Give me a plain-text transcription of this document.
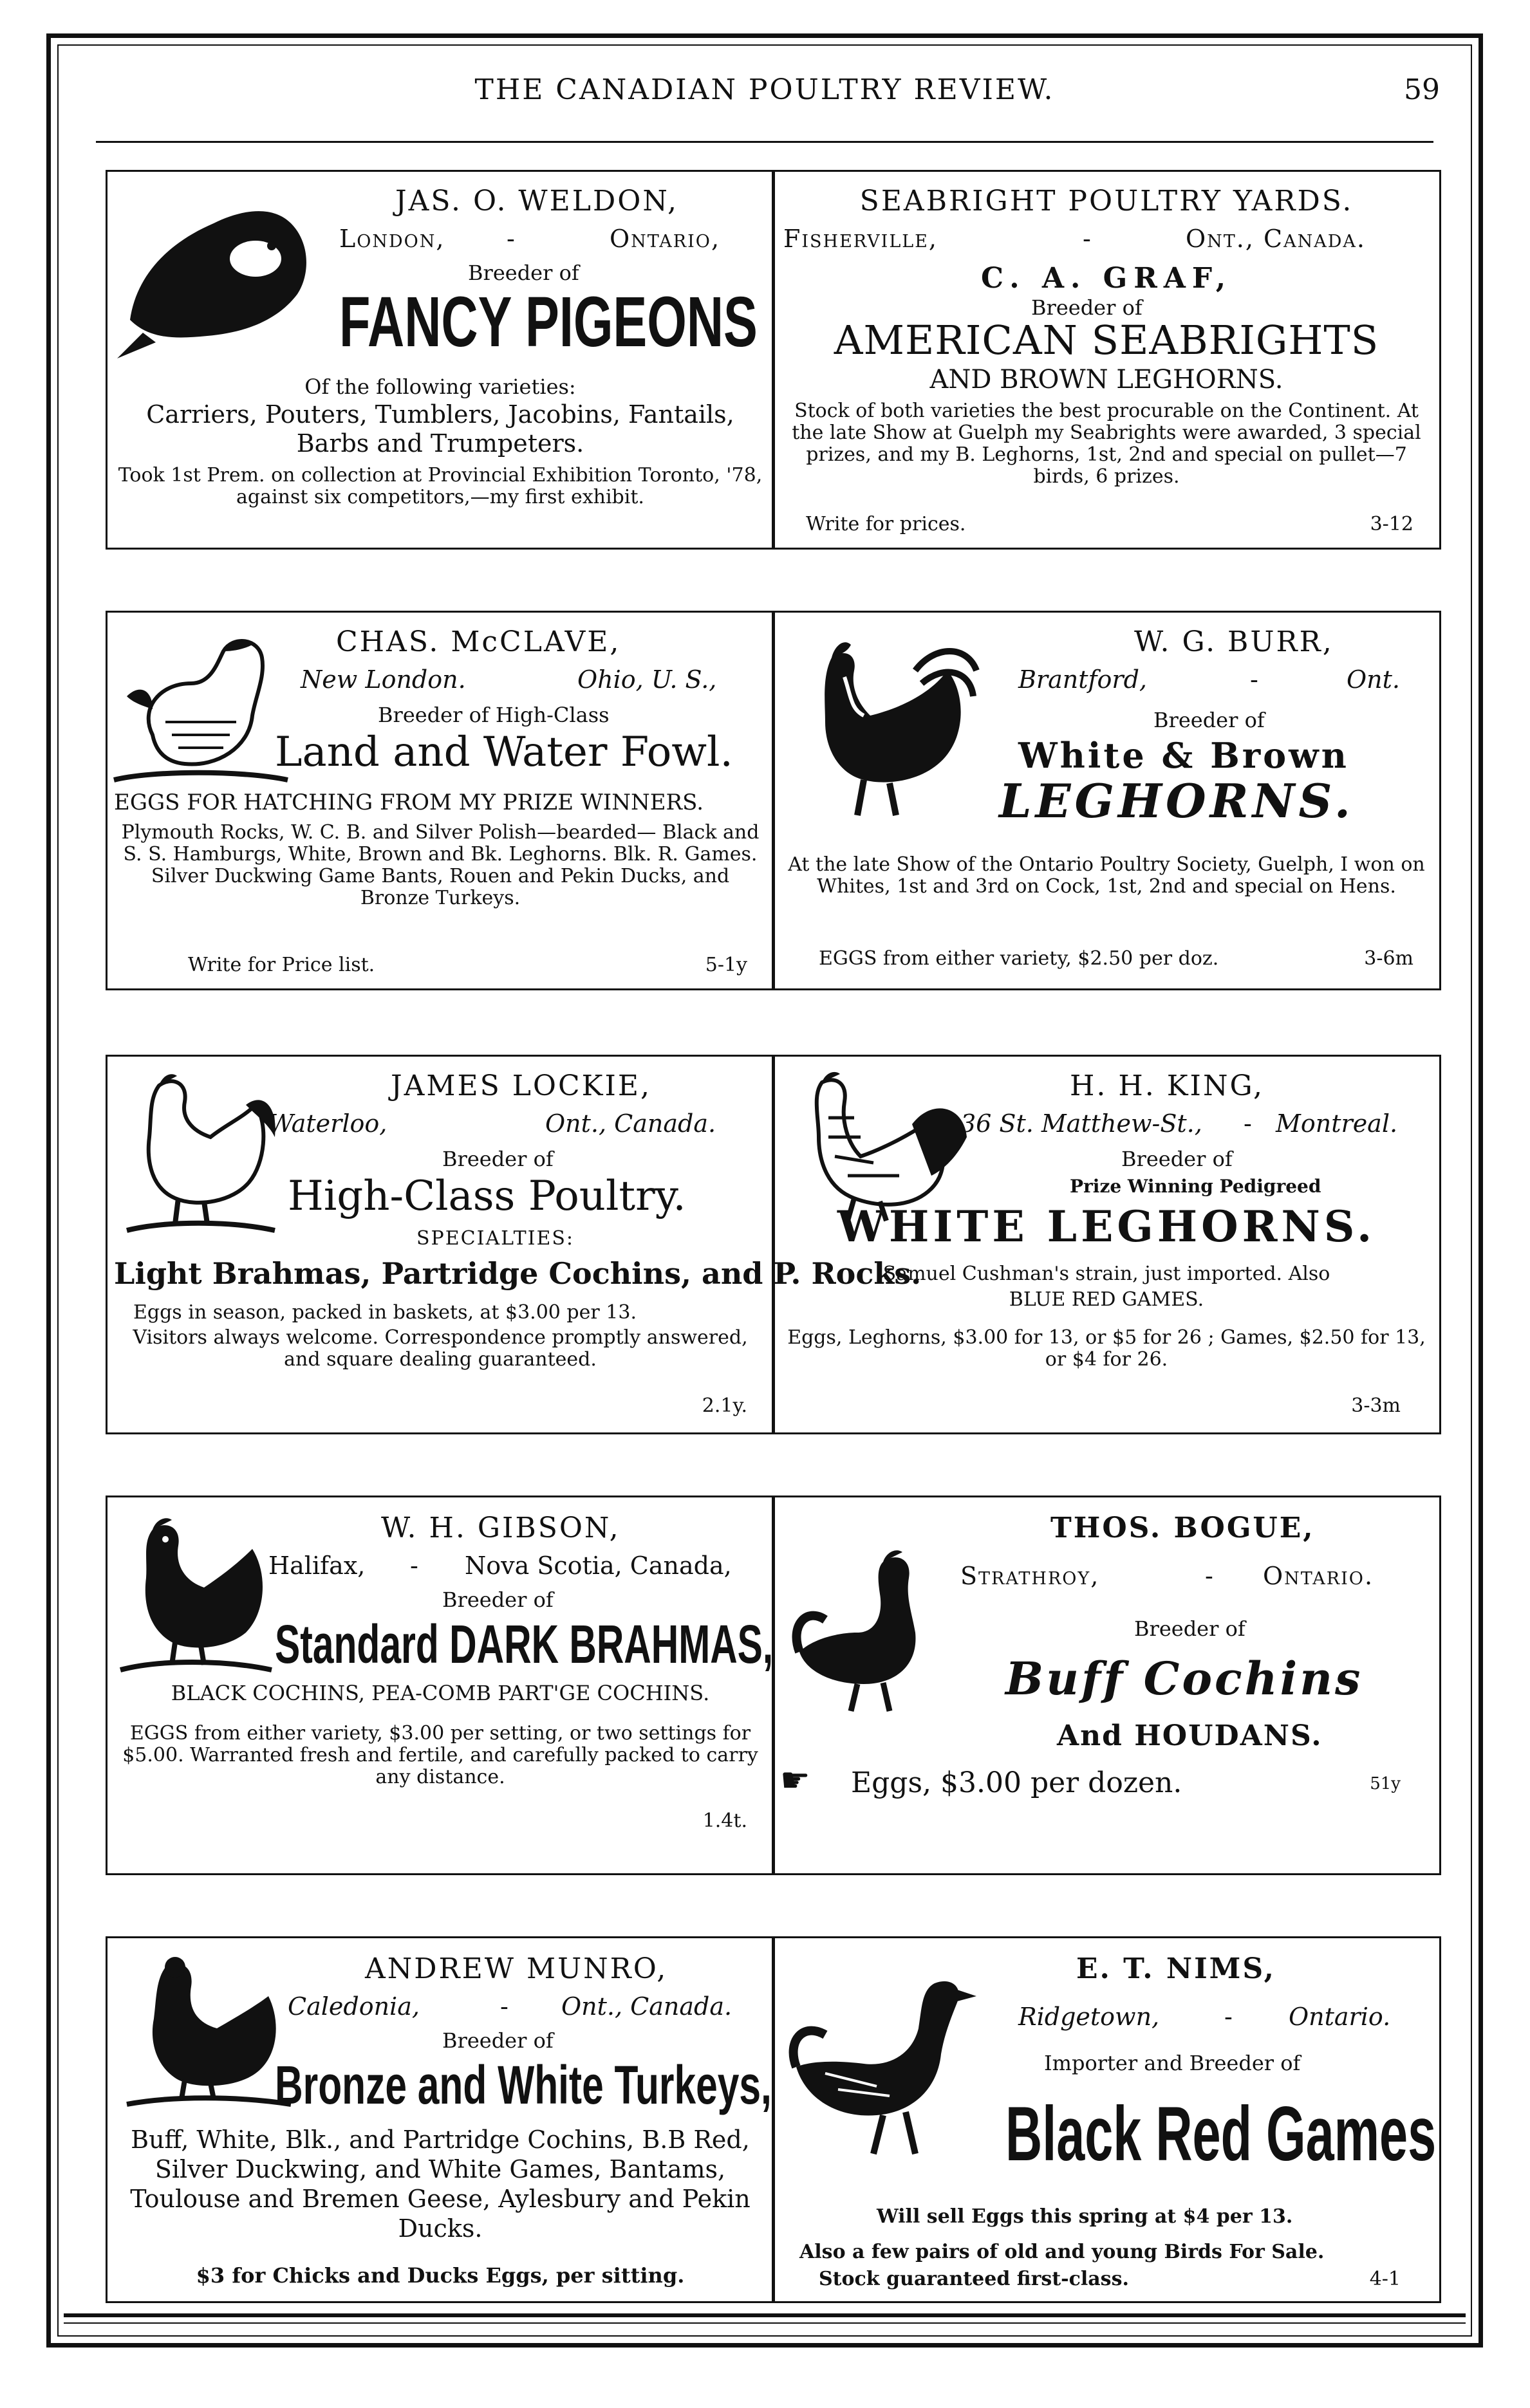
THE CANADIAN POULTRY REVIEW.	59
JAS. O. WELDON,
London,	-	Ontario,
Breeder of
FANCY PIGEONS
Of the following varieties:
Carriers, Pouters, Tumblers, Jacobins, Fantails,
Barbs and Trumpeters.
Took 1st Prem. on collection at Provincial Exhibition Toronto, '78, against six competitors,—my first exhibit.
SEABRIGHT POULTRY YARDS.
Fisherville,	-	Ont., Canada.
C. A. GRAF,
Breeder of
AMERICAN SEABRIGHTS
AND BROWN LEGHORNS.
Stock of both varieties the best procurable on the Continent. At the late Show at Guelph my Seabrights were awarded, 3 special prizes, and my B. Leghorns, 1st, 2nd and special on pullet—7 birds, 6 prizes.
Write for prices.	3-12
CHAS. McCLAVE,
New London.	Ohio, U. S.,
Breeder of High-Class
Land and Water Fowl.
EGGS FOR HATCHING FROM MY PRIZE WINNERS.
Plymouth Rocks, W. C. B. and Silver Polish—bearded— Black and S. S. Hamburgs, White, Brown and Bk. Leghorns. Blk. R. Games. Silver Duckwing Game Bants, Rouen and Pekin Ducks, and Bronze Turkeys.
Write for Price list.	5-1y
W. G. BURR,
Brantford,	-	Ont.
Breeder of
White & Brown
LEGHORNS.
At the late Show of the Ontario Poultry Society, Guelph, I won on Whites, 1st and 3rd on Cock, 1st, 2nd and special on Hens.
EGGS from either variety, $2.50 per doz.	3-6m
JAMES LOCKIE,
Waterloo,	Ont., Canada.
Breeder of
High-Class Poultry.
SPECIALTIES:
Light Brahmas, Partridge Cochins, and P. Rocks.
Eggs in season, packed in baskets, at $3.00 per 13.
Visitors always welcome. Correspondence promptly answered, and square dealing guaranteed.
2.1y.
H. H. KING,
36 St. Matthew-St., - Montreal.
Breeder of
Prize Winning Pedigreed
WHITE LEGHORNS.
Samuel Cushman's strain, just imported. Also
BLUE RED GAMES.
Eggs, Leghorns, $3.00 for 13, or $5 for 26 ; Games, $2.50 for 13, or $4 for 26.
3-3m
W. H. GIBSON,
Halifax, - Nova Scotia, Canada,
Breeder of
Standard DARK BRAHMAS,
BLACK COCHINS, PEA-COMB PART'GE COCHINS.
EGGS from either variety, $3.00 per setting, or two settings for $5.00. Warranted fresh and fertile, and carefully packed to carry any distance.
1.4t.
THOS. BOGUE,
Strathroy,	- Ontario.
Breeder of
Buff Cochins
And HOUDANS.
☛ Eggs, $3.00 per dozen.	51y
ANDREW MUNRO,
Caledonia,	- Ont., Canada.
Breeder of
Bronze and White Turkeys,
Buff, White, Blk., and Partridge Cochins, B.B Red, Silver Duckwing, and White Games, Bantams, Toulouse and Bremen Geese, Aylesbury and Pekin Ducks.
$3 for Chicks and Ducks Eggs, per sitting.
E. T. NIMS,
Ridgetown,	- Ontario.
Importer and Breeder of
Black Red Games
Will sell Eggs this spring at $4 per 13.
Also a few pairs of old and young Birds For Sale.
Stock guaranteed first-class.	4-1
